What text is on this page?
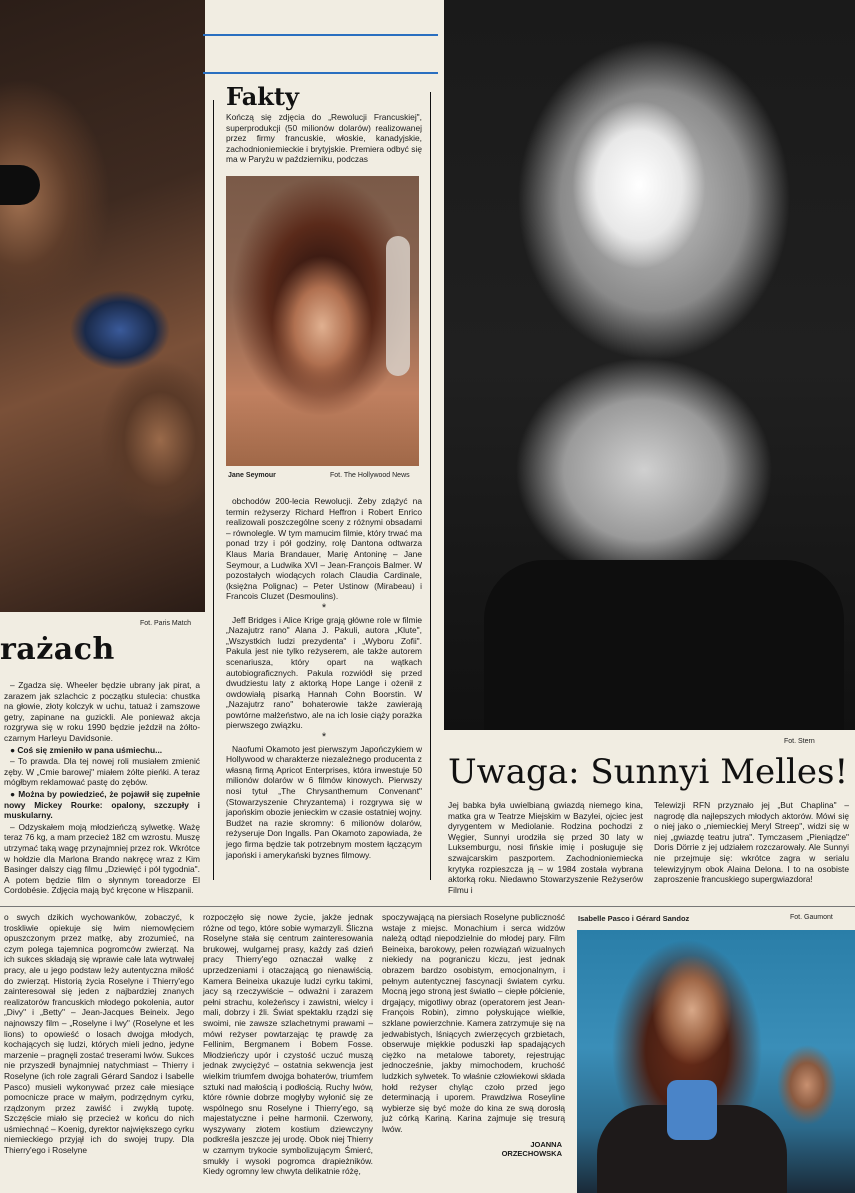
Fot. Paris Match
rażach

– Zgadza się. Wheeler będzie ubrany jak pirat, a zarazem jak szlachcic z początku stulecia: chustka na głowie, złoty kolczyk w uchu, tatuaż i zamszowe getry, zapinane na guzickli. Ale ponieważ akcja rozgrywa się w roku 1990 będzie jeździł na żółto-czarnym Harleyu Davidsonie.

● Coś się zmieniło w pana uśmiechu...

– To prawda. Dla tej nowej roli musiałem zmienić zęby. W „Cmie barowej" miałem żółte pieńki. A teraz mógłbym reklamować pastę do zębów.

● Można by powiedzieć, że pojawił się zupełnie nowy Mickey Rourke: opalony, szczupły i muskularny.

– Odzyskałem moją młodzieńczą sylwetkę. Ważę teraz 76 kg, a mam przecież 182 cm wzrostu. Muszę utrzymać taką wagę przynajmniej przez rok. Wkrótce w hołdzie dla Marlona Brando nakręcę wraz z Kim Basinger dalszy ciąg filmu „Dziewięć i pół tygodnia". A potem będzie film o słynnym toreadorze El Cordobésie. Zdjęcia mają być kręcone w Hiszpanii.

Fakty
Kończą się zdjęcia do „Rewolucji Francuskiej", superprodukcji (50 milionów dolarów) realizowanej przez firmy francuskie, włoskie, kanadyjskie, zachodnioniemieckie i brytyjskie. Premiera odbyć się ma w Paryżu w październiku, podczas
Jane Seymour	Fot. The Hollywood News

obchodów 200-lecia Rewolucji. Żeby zdążyć na termin reżyserzy Richard Heffron i Robert Enrico realizowali poszczególne sceny z różnymi obsadami – równolegle. W tym mamucim filmie, który trwać ma ponad trzy i pół godziny, rolę Dantona odtwarza Klaus Maria Brandauer, Marię Antoninę – Jane Seymour, a Ludwika XVI – Jean-François Balmer. W pozostałych wiodących rolach Claudia Cardinale, (księżna Polignac) – Peter Ustinow (Mirabeau) i Francois Cluzet (Desmoulins).

*

Jeff Bridges i Alice Krige grają główne role w filmie „Nazajutrz rano" Alana J. Pakuli, autora „Klute", „Wszystkich ludzi prezydenta" i „Wyboru Zofii". Pakula jest nie tylko reżyserem, ale także autorem scenariusza, który opart na wątkach autobiograficznych. Pakula rozwiódł się przed dwudziestu laty z aktorką Hope Lange i ożenił z owdowiałą pisarką Hannah Cohn Boorstin. W „Nazajutrz rano" bohaterowie także zawierają powtórne małżeństwo, ale na ich losie ciąży porażka pierwszego związku.

*

Naofumi Okamoto jest pierwszym Japończykiem w Hollywood w charakterze niezależnego producenta z własną firmą Apricot Enterprises, która inwestuje 50 milionów dolarów w 6 filmów kinowych. Pierwszy nosi tytuł „The Chrysanthemum Convenant" (Stowarzyszenie Chryzantema) i rozgrywa się w japońskim obozie jenieckim w czasie ostatniej wojny. Budżet na razie skromny: 6 milionów dolarów, reżyseruje Don Ingalls. Pan Okamoto zapowiada, że jego firma będzie tak potrzebnym mostem łączącym japoński i amerykański byznes filmowy.

Fot. Stern
Uwaga: Sunnyi Melles!
Jej babka była uwielbianą gwiazdą niemego kina, matka gra w Teatrze Miejskim w Bazylei, ojciec jest dyrygentem w Mediolanie. Rodzina pochodzi z Węgier, Sunnyi urodziła się przed 30 laty w Luksemburgu, nosi fińskie imię i posługuje się szwajcarskim paszportem. Zachodnioniemiecka krytyka rozpieszcza ją – w 1984 została wybrana aktorką roku. Niedawno Stowarzyszenie Reżyserów Filmu i
Telewizji RFN przyznało jej „But Chaplina" – nagrodę dla najlepszych młodych aktorów. Mówi się o niej jako o „niemieckiej Meryl Streep", widzi się w niej „gwiazdę teatru jutra". Tymczasem „Pieniądze" Doris Dörrie z jej udziałem rozczarowały. Ale Sunnyi nie przejmuje się: wkrótce zagra w serialu telewizyjnym obok Alaina Delona. I to na osobiste zaproszenie francuskiego supergwiazdora!
o swych dzikich wychowanków, zobaczyć, k troskliwie opiekuje się lwim niemowlęciem opuszczonym przez matkę, aby zrozumieć, na czym polega tajemnica pogromców zwierząt. Na ich sukces składają się wprawie całe lata wytrwałej pracy, ale u jego podstaw leży autentyczna miłość do zwierząt. Historią życia Roselyne i Thierry'ego zainteresował się jeden z najbardziej znanych realizatorów francuskich młodego pokolenia, autor „Divy" i „Betty" – Jean-Jacques Beineix. Jego najnowszy film – „Roselyne i lwy" (Roselyne et les lions) to opowieść o losach dwojga młodych, kochających się ludzi, których mieli jedno, jedyne marzenie – pragnęli zostać treserami lwów. Sukces nie przyszedł bynajmniej natychmiast – Thierry i Roselyne (ich role zagrali Gérard Sandoz i Isabelle Pasco) musieli wykonywać przez całe miesiące pomocnicze prace w małym, podrzędnym cyrku, rządzonym przez zawiść i zwykłą tupotę. Szczęście miało się przecież w końcu do nich uśmiechnąć – Koenig, dyrektor największego cyrku niemieckiego przyjął ich do swojej trupy. Dla Thierry'ego i Roselyne
rozpoczęło się nowe życie, jakże jednak różne od tego, które sobie wymarzyli. Śliczna Roselyne stała się centrum zainteresowania brukowej, wulgarnej prasy, każdy zaś dzień pracy Thierry'ego oznaczał walkę z uprzedzeniami i otaczającą go nienawiścią. Kamera Beineixa ukazuje ludzi cyrku takimi, jacy są rzeczywiście – odważni i zarazem pełni strachu, koleżeńscy i zawistni, wielcy i mali, dobrzy i źli. Świat spektaklu rządzi się swoimi, nie zawsze szlachetnymi prawami – mówi reżyser powtarzając tę prawdę za Fellinim, Bergmanem i Bobem Fosse. Młodzieńczy upór i czystość uczuć muszą jednak zwyciężyć – ostatnia sekwencja jest wielkim triumfem dwojga bohaterów, triumfem sztuki nad małością i podłością. Ruchy lwów, które równie dobrze mogłyby wyłonić się ze wspólnego snu Roselyne i Thierry'ego, są majestatyczne i pełne harmonii. Czerwony, wyszywany złotem kostium dziewczyny podkreśla jeszcze jej urodę. Obok niej Thierry w czarnym trykocie symbolizującym Śmierć, smukły i wysoki pogromca drapieżników. Kiedy ogromny lew chwyta delikatnie różę,
spoczywającą na piersiach Roselyne publiczność wstaje z miejsc. Monachium i serca widzów należą odtąd niepodzielnie do młodej pary. Film Beineixa, barokowy, pełen rozwiązań wizualnych niekiedy na pograniczu kiczu, jest jednak obrazem bardzo osobistym, emocjonalnym, i pełnym autentycznej fascynacji światem cyrku. Mocną jego stroną jest światło – ciepłe półcienie, drgający, migotliwy obraz (operatorem jest Jean-François Robin), zimno połyskujące wielkie, szklane powierzchnie. Kamera zatrzymuje się na jedwabistych, lśniących zwierzęcych grzbietach, obserwuje miękkie poduszki łap spadających ciężko na metalowe taborety, rejestrując jednocześnie, jakby mimochodem, kruchość ludzkich sylwetek. To właśnie człowiekowi składa hołd reżyser chyląc czoło przed jego determinacją i uporem. Prawdziwa Roseyline wybierze się być może do kina ze swą dorosłą już córką Kariną. Karina zajmuje się tresurą lwów.
JOANNA
ORZECHOWSKA
Isabelle Pasco i Gérard Sandoz	Fot. Gaumont
